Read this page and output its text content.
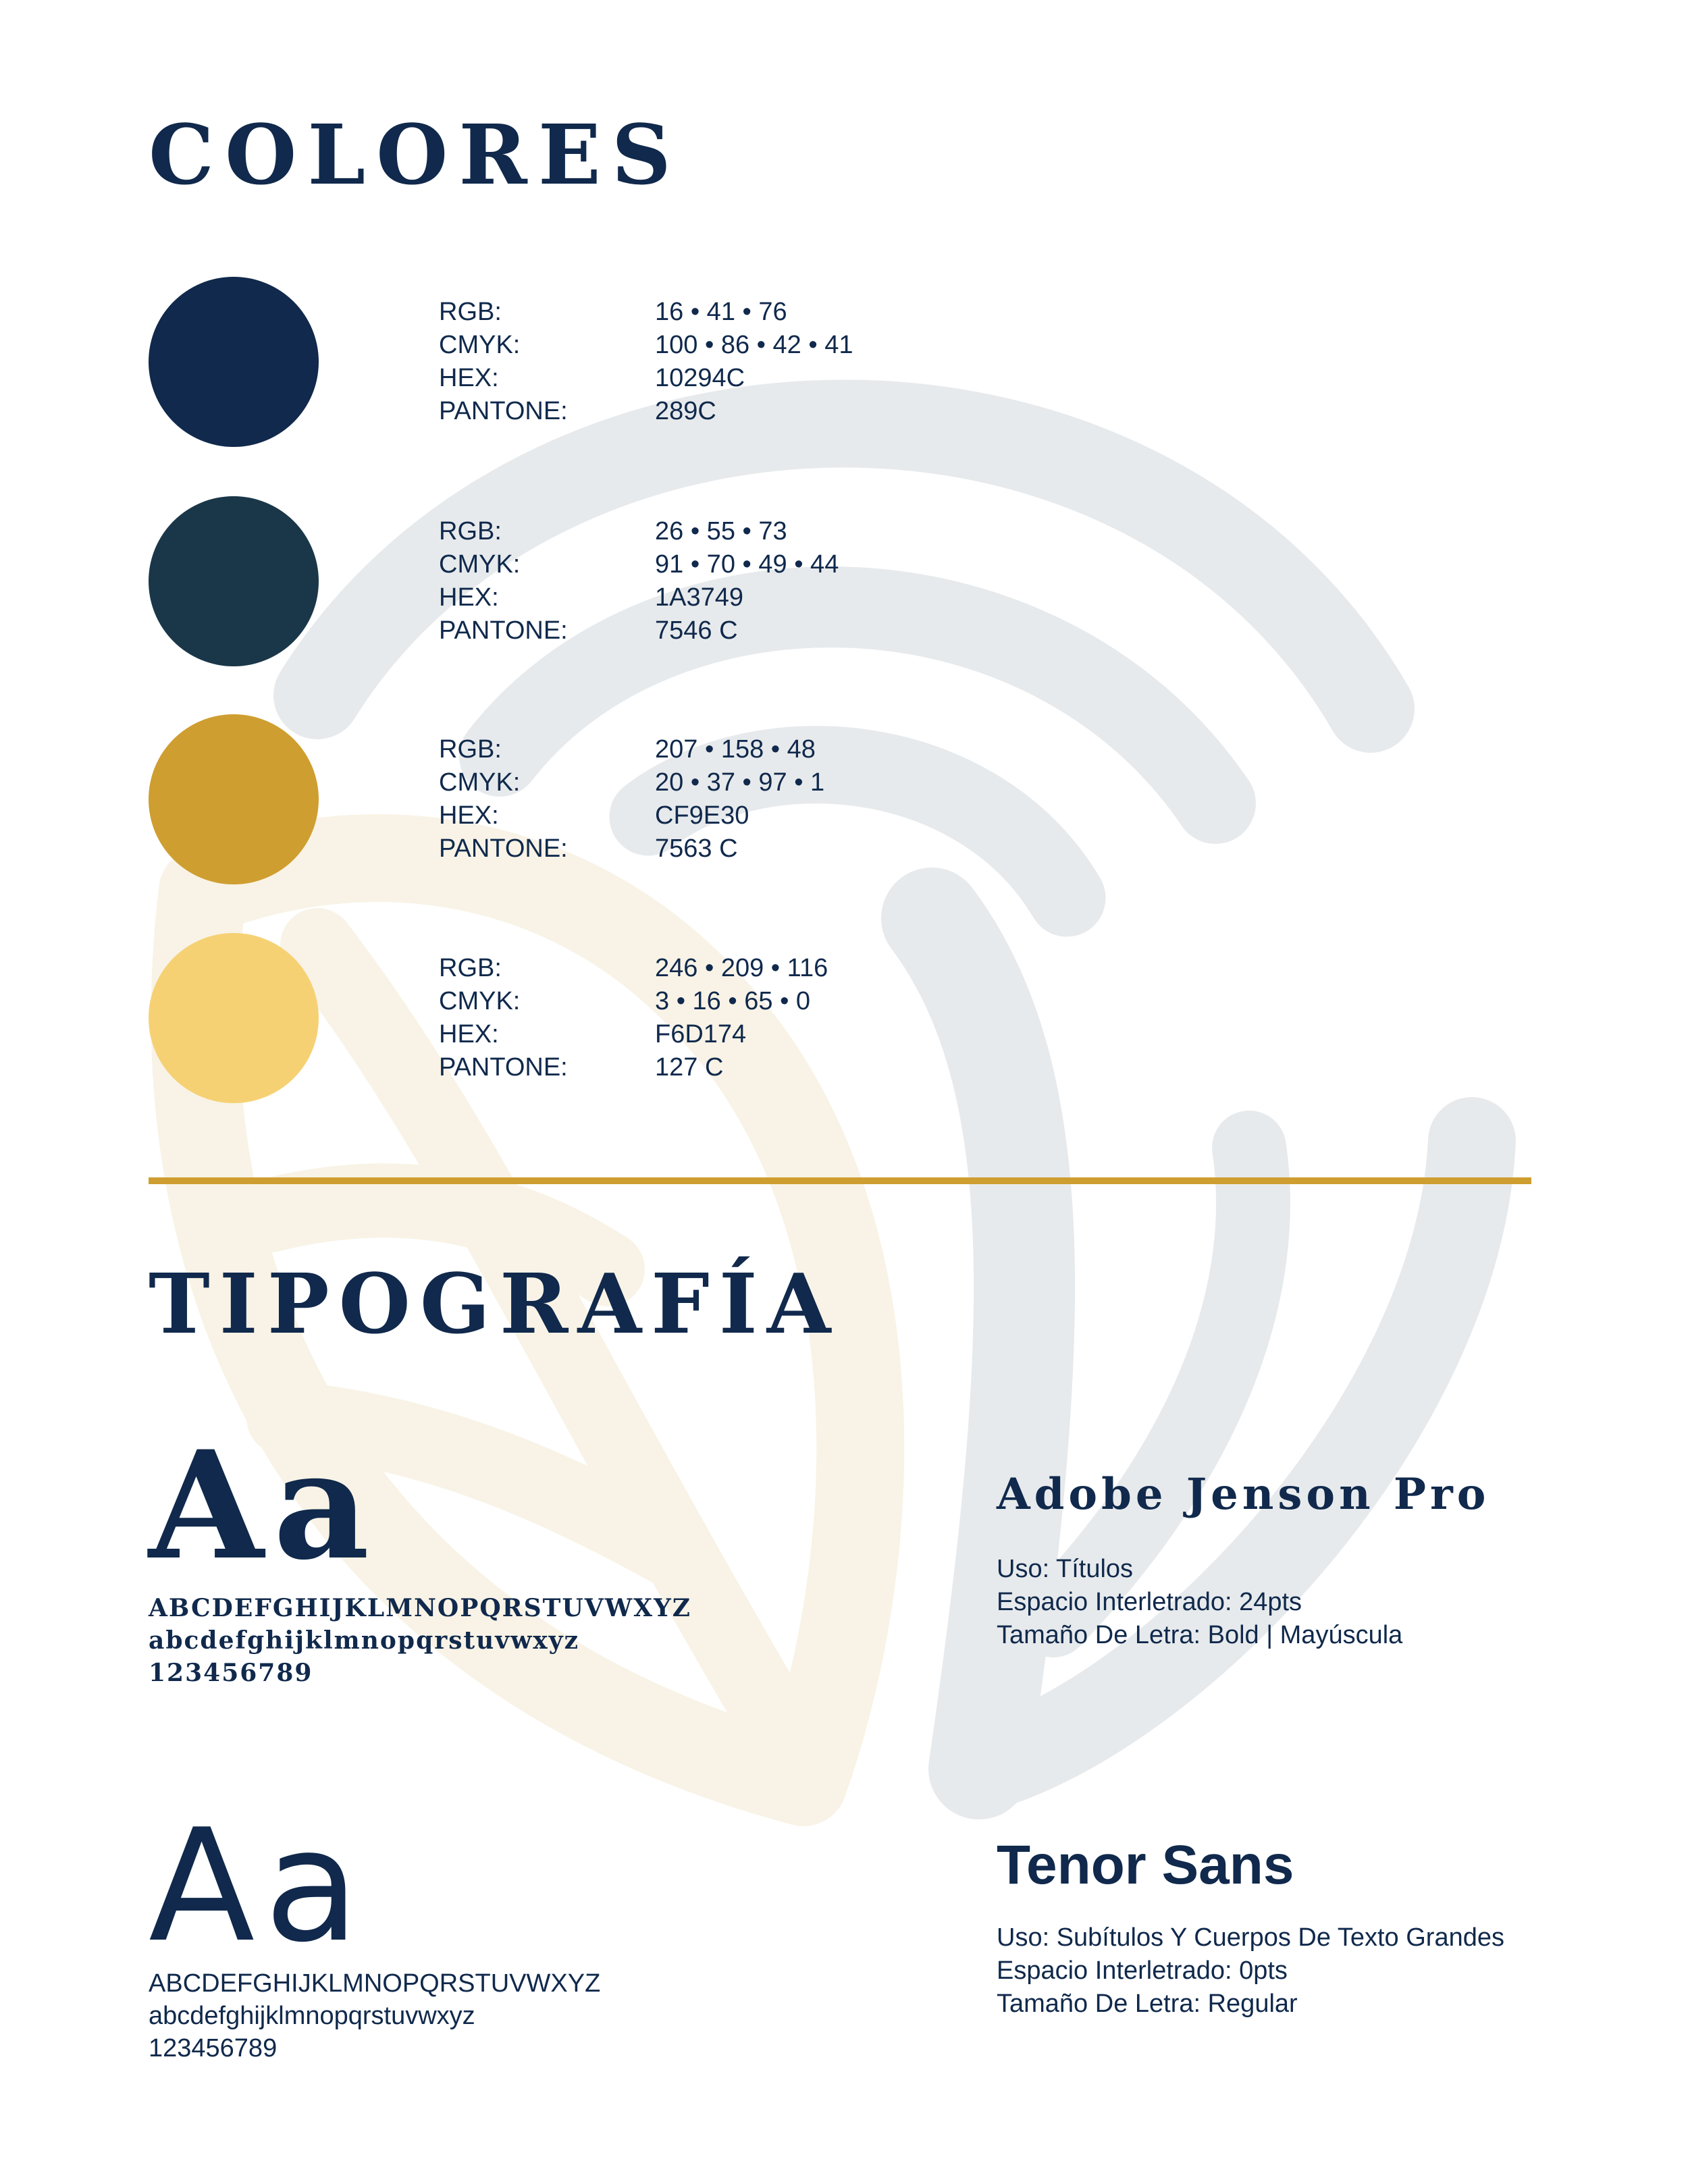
COLORES
RGB:	16 • 41 • 76
CMYK:	100 • 86 • 42 • 41
HEX:	10294C
PANTONE:	289C
RGB:	26 • 55 • 73
CMYK:	91 • 70 • 49 • 44
HEX:	1A3749
PANTONE:	7546 C
RGB:	207 • 158 • 48
CMYK:	20 • 37 • 97 • 1
HEX:	CF9E30
PANTONE:	7563 C
RGB:	246 • 209 • 116
CMYK:	3 • 16 • 65 • 0
HEX:	F6D174
PANTONE:	127 C
TIPOGRAFÍA
Aa
ABCDEFGHIJKLMNOPQRSTUVWXYZ
abcdefghijklmnopqrstuvwxyz
123456789
Adobe Jenson Pro
Uso: Títulos
Espacio Interletrado: 24pts
Tamaño De Letra: Bold | Mayúscula
Aa
ABCDEFGHIJKLMNOPQRSTUVWXYZ
abcdefghijklmnopqrstuvwxyz
123456789
Tenor Sans
Uso: Subítulos Y Cuerpos De Texto Grandes
Espacio Interletrado: 0pts
Tamaño De Letra: Regular
